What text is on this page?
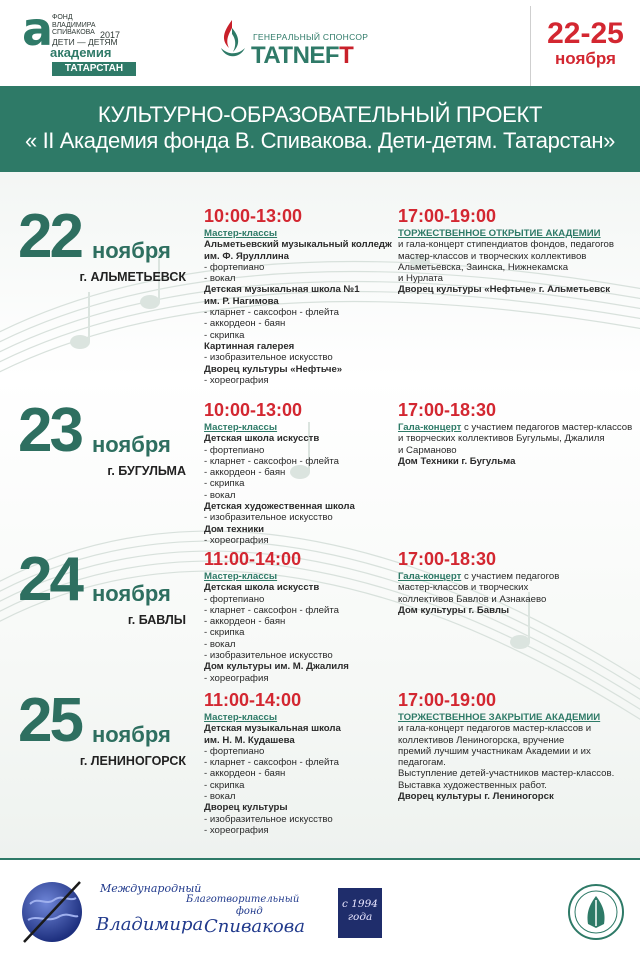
а
ФОНД
ВЛАДИМИРА
СПИВАКОВА 2017
ДЕТИ — ДЕТЯМ
академия
ТАТАРСТАН
ГЕНЕРАЛЬНЫЙ СПОНСОР
TATNEFT
22-25
ноября
КУЛЬТУРНО-ОБРАЗОВАТЕЛЬНЫЙ ПРОЕКТ
« II Академия фонда В. Спивакова. Дети-детям. Татарстан»
22 ноября
г. АЛЬМЕТЬЕВСК
10:00-13:00
Мастер-классы
Альметьевский музыкальный колледж
им. Ф. Ярулллина
- фортепиано
- вокал
Детская музыкальная школа №1
им. Р. Нагимова
- кларнет - саксофон - флейта
- аккордеон - баян
- скрипка
Картинная галерея
- изобразительное искусство
Дворец культуры «Нефтьче»
- хореография
17:00-19:00
ТОРЖЕСТВЕННОЕ ОТКРЫТИЕ АКАДЕМИИ
и гала-концерт стипендиатов фондов, педагогов
мастер-классов и творческих коллективов
Альметьевска, Заинска, Нижнекамска
и Нурлата
Дворец культуры «Нефтьче» г. Альметьевск
23 ноября
г. БУГУЛЬМА
10:00-13:00
Мастер-классы
Детская школа искусств
- фортепиано
- кларнет - саксофон - флейта
- аккордеон - баян
- скрипка
- вокал
Детская художественная школа
- изобразительное искусство
Дом техники
- хореография
17:00-18:30
Гала-концерт с участием педагогов мастер-классов
и творческих коллективов Бугульмы, Джалиля
и Сарманово
Дом Техники г. Бугульма
24 ноября
г. БАВЛЫ
11:00-14:00
Мастер-классы
Детская школа искусств
- фортепиано
- кларнет - саксофон - флейта
- аккордеон - баян
- скрипка
- вокал
- изобразительное искусство
Дом культуры им. М. Джалиля
- хореография
17:00-18:30
Гала-концерт с участием педагогов
мастер-классов и творческих
коллективов Бавлов и Азнакаево
Дом культуры г. Бавлы
25 ноября
г. ЛЕНИНОГОРСК
11:00-14:00
Мастер-классы
Детская музыкальная школа
им. Н. М. Кудашева
- фортепиано
- кларнет - саксофон - флейта
- аккордеон - баян
- скрипка
- вокал
Дворец культуры
- изобразительное искусство
- хореография
17:00-19:00
ТОРЖЕСТВЕННОЕ ЗАКРЫТИЕ АКАДЕМИИ
и гала-концерт педагогов мастер-классов и
коллективов Лениногорска, вручение
премий лучшим участникам Академии и их
педагогам.
Выступление детей-участников мастер-классов.
Выставка художественных работ.
Дворец культуры г. Лениногорск
Международный
Благотворительный
фонд
Владимира Спивакова
с 1994
года
